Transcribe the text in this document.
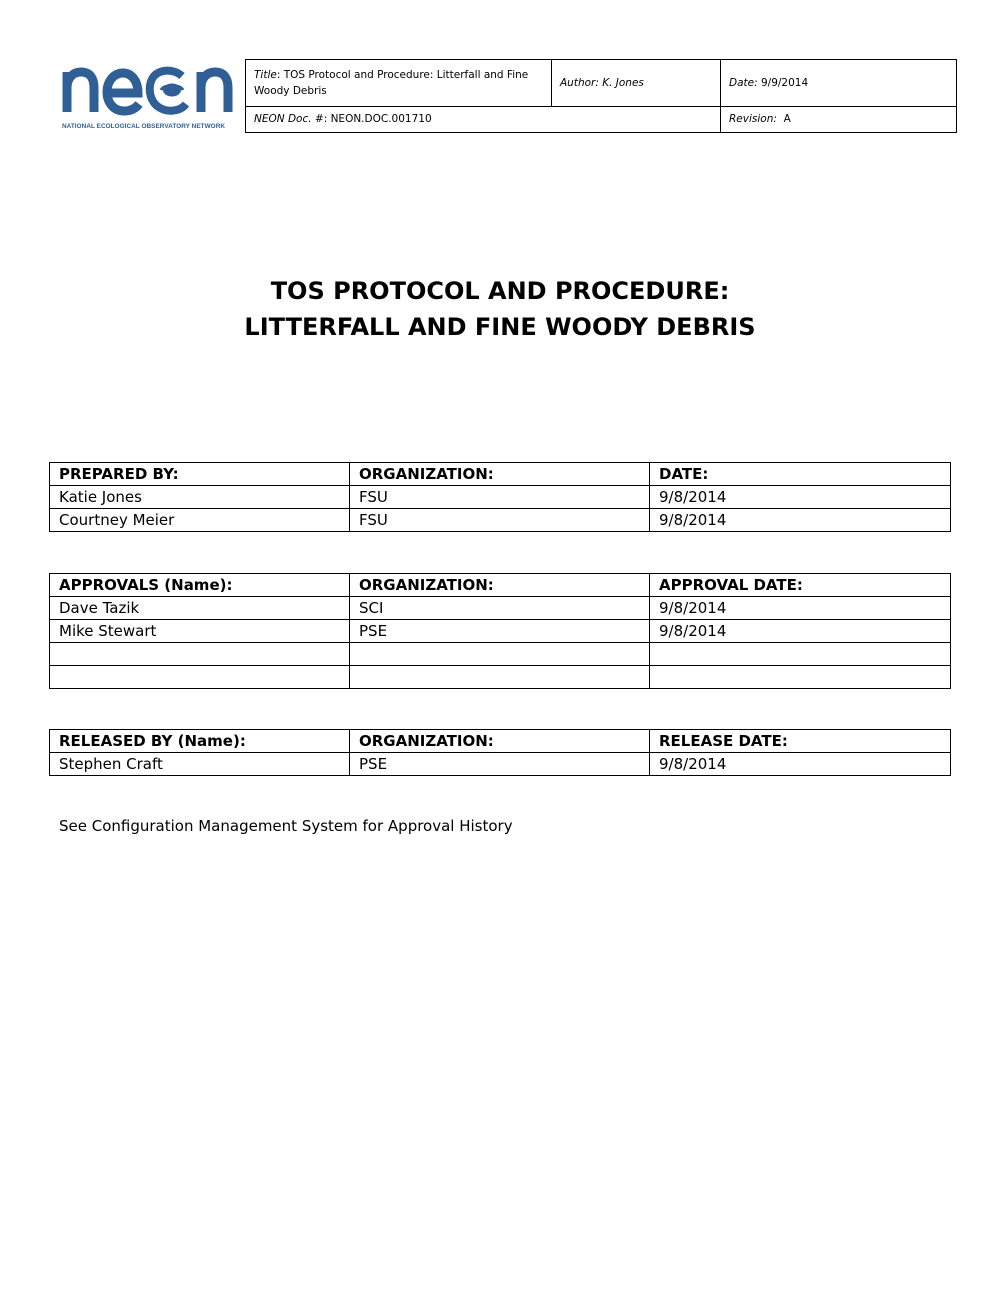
NATIONAL ECOLOGICAL OBSERVATORY NETWORK
Title: TOS Protocol and Procedure: Litterfall and Fine Woody Debris	Author: K. Jones	Date: 9/9/2014
NEON Doc. #: NEON.DOC.001710		Revision:  A
TOS PROTOCOL AND PROCEDURE:
LITTERFALL AND FINE WOODY DEBRIS
PREPARED BY:	ORGANIZATION:	DATE:
Katie Jones	FSU	9/8/2014
Courtney Meier	FSU	9/8/2014
APPROVALS (Name):	ORGANIZATION:	APPROVAL DATE:
Dave Tazik	SCI	9/8/2014
Mike Stewart	PSE	9/8/2014

RELEASED BY (Name):	ORGANIZATION:	RELEASE DATE:
Stephen Craft	PSE	9/8/2014
See Configuration Management System for Approval History
